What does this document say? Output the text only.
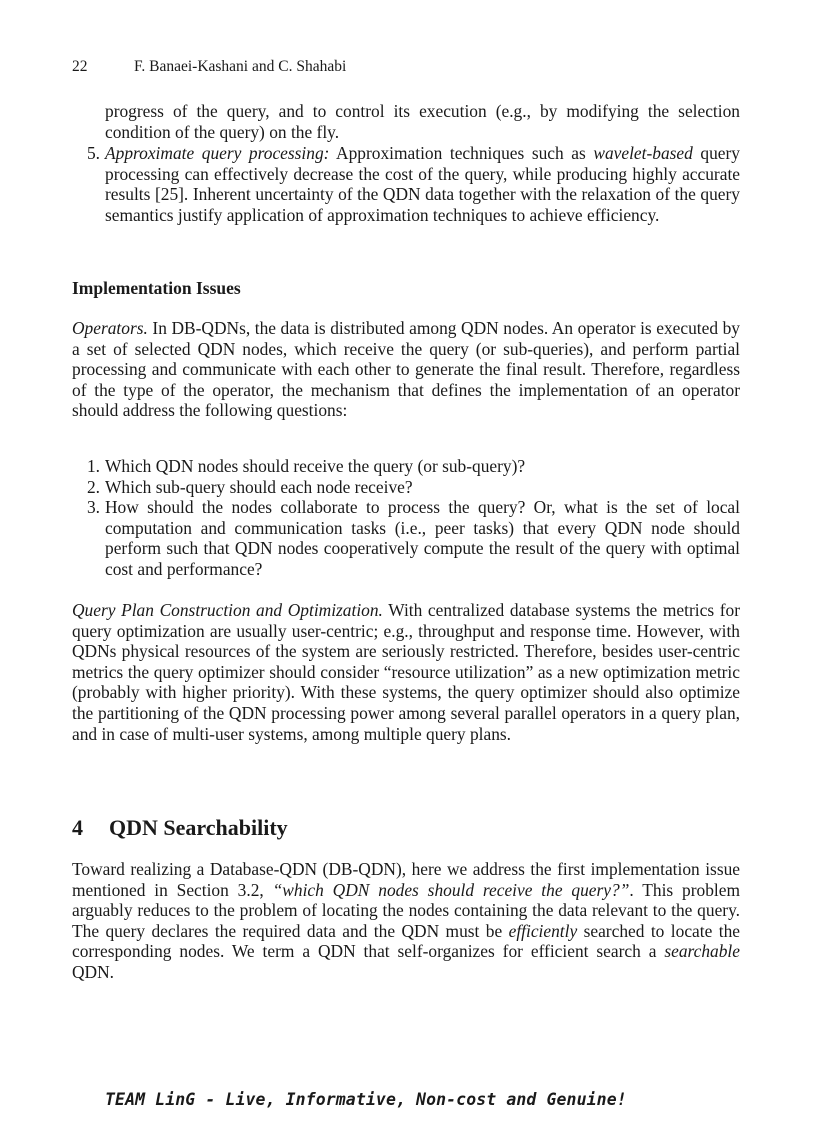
22	F. Banaei-Kashani and C. Shahabi
progress of the query, and to control its execution (e.g., by modifying the selection condition of the query) on the fly.
5. Approximate query processing: Approximation techniques such as wavelet-based query processing can effectively decrease the cost of the query, while producing highly accurate results [25]. Inherent uncertainty of the QDN data together with the relaxation of the query semantics justify application of approximation techniques to achieve efficiency.
Implementation Issues
Operators. In DB-QDNs, the data is distributed among QDN nodes. An operator is executed by a set of selected QDN nodes, which receive the query (or sub-queries), and perform partial processing and communicate with each other to generate the final result. Therefore, regardless of the type of the operator, the mechanism that defines the implementation of an operator should address the following questions:
1. Which QDN nodes should receive the query (or sub-query)?
2. Which sub-query should each node receive?
3. How should the nodes collaborate to process the query? Or, what is the set of local computation and communication tasks (i.e., peer tasks) that every QDN node should perform such that QDN nodes cooperatively compute the result of the query with optimal cost and performance?
Query Plan Construction and Optimization. With centralized database systems the metrics for query optimization are usually user-centric; e.g., throughput and response time. However, with QDNs physical resources of the system are seriously restricted. Therefore, besides user-centric metrics the query optimizer should consider “resource utilization” as a new optimization metric (probably with higher priority). With these systems, the query optimizer should also optimize the partitioning of the QDN processing power among several parallel operators in a query plan, and in case of multi-user systems, among multiple query plans.
4 QDN Searchability
Toward realizing a Database-QDN (DB-QDN), here we address the first implementation issue mentioned in Section 3.2, “which QDN nodes should receive the query?”. This problem arguably reduces to the problem of locating the nodes containing the data relevant to the query. The query declares the required data and the QDN must be efficiently searched to locate the corresponding nodes. We term a QDN that self-organizes for efficient search a searchable QDN.
TEAM LinG - Live, Informative, Non-cost and Genuine!
